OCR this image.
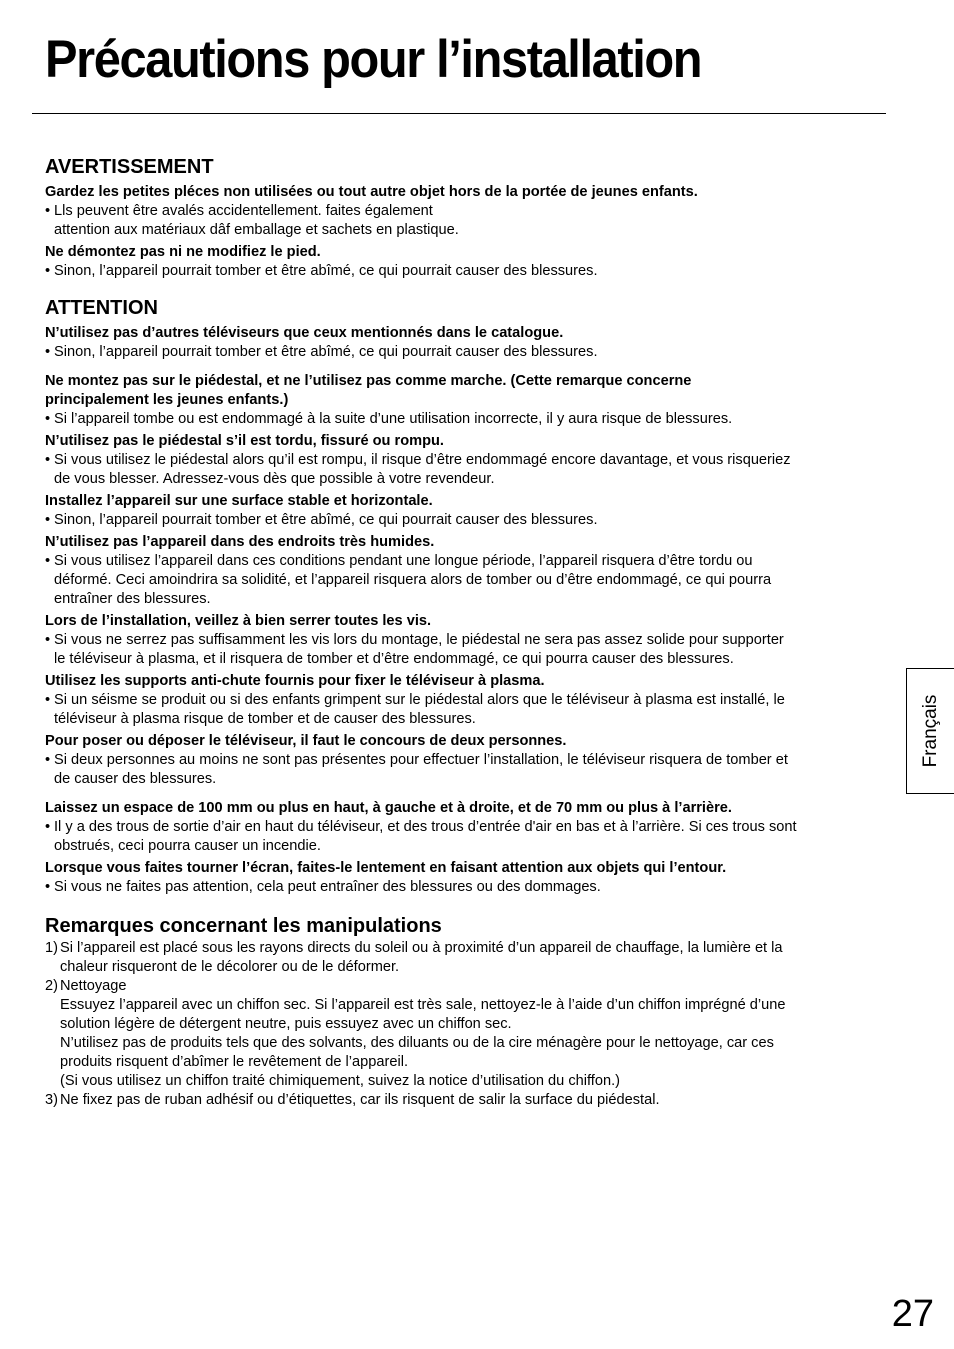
Précautions pour l’installation
AVERTISSEMENT
Gardez les petites pléces non utilisées ou tout autre objet hors de la portée de jeunes enfants.
• Lls peuvent être avalés accidentellement. faites également
attention aux matériaux dâf emballage et sachets en plastique.
Ne démontez pas ni ne modifiez le pied.
• Sinon, l’appareil pourrait tomber et être abîmé, ce qui pourrait causer des blessures.
ATTENTION
N’utilisez pas d’autres téléviseurs que ceux mentionnés dans le catalogue.
• Sinon, l’appareil pourrait tomber et être abîmé, ce qui pourrait causer des blessures.
Ne montez pas sur le piédestal, et ne l’utilisez pas comme marche. (Cette remarque concerne
principalement les jeunes enfants.)
• Si l’appareil tombe ou est endommagé à la suite d’une utilisation incorrecte, il y aura risque de blessures.
N’utilisez pas le piédestal s’il est tordu, fissuré ou rompu.
• Si vous utilisez le piédestal alors qu’il est rompu, il risque d’être endommagé encore davantage, et vous risqueriez
de vous blesser. Adressez-vous dès que possible à votre revendeur.
Installez l’appareil sur une surface stable et horizontale.
• Sinon, l’appareil pourrait tomber et être abîmé, ce qui pourrait causer des blessures.
N’utilisez pas l’appareil dans des endroits très humides.
• Si vous utilisez l’appareil dans ces conditions pendant une longue période, l’appareil risquera d’être tordu ou
déformé. Ceci amoindrira sa solidité, et l’appareil risquera alors de tomber ou d’être endommagé, ce qui pourra
entraîner des blessures.
Lors de l’installation, veillez à bien serrer toutes les vis.
• Si vous ne serrez pas suffisamment les vis lors du montage, le piédestal ne sera pas assez solide pour supporter
le téléviseur à plasma, et il risquera de tomber et d’être endommagé, ce qui pourra causer des blessures.
Utilisez les supports anti-chute fournis pour fixer le téléviseur à plasma.
• Si un séisme se produit ou si des enfants grimpent sur le piédestal alors que le téléviseur à plasma est installé, le
téléviseur à plasma risque de tomber et de causer des blessures.
Pour poser ou déposer le téléviseur, il faut le concours de deux personnes.
• Si deux personnes au moins ne sont pas présentes pour effectuer l’installation, le téléviseur risquera de tomber et
de causer des blessures.
Laissez un espace de 100 mm ou plus en haut, à gauche et à droite, et de 70 mm ou plus à l’arrière.
• Il y a des trous de sortie d’air en haut du téléviseur, et des trous d’entrée d'air en bas et à l’arrière. Si ces trous sont
obstrués, ceci pourra causer un incendie.
Lorsque vous faites tourner l’écran, faites-le lentement en faisant attention aux objets qui l’entour.
• Si vous ne faites pas attention, cela peut entraîner des blessures ou des dommages.
Remarques concernant les manipulations
1) Si l’appareil est placé sous les rayons directs du soleil ou à proximité d’un appareil de chauffage, la lumière et la
chaleur risqueront de le décolorer ou de le déformer.
2) Nettoyage
Essuyez l’appareil avec un chiffon sec. Si l’appareil est très sale, nettoyez-le à l’aide d’un chiffon imprégné d’une
solution légère de détergent neutre, puis essuyez avec un chiffon sec.
N’utilisez pas de produits tels que des solvants, des diluants ou de la cire ménagère pour le nettoyage, car ces
produits risquent d’abîmer le revêtement de l’appareil.
(Si vous utilisez un chiffon traité chimiquement, suivez la notice d’utilisation du chiffon.)
3) Ne fixez pas de ruban adhésif ou d’étiquettes, car ils risquent de salir la surface du piédestal.
Français
27
